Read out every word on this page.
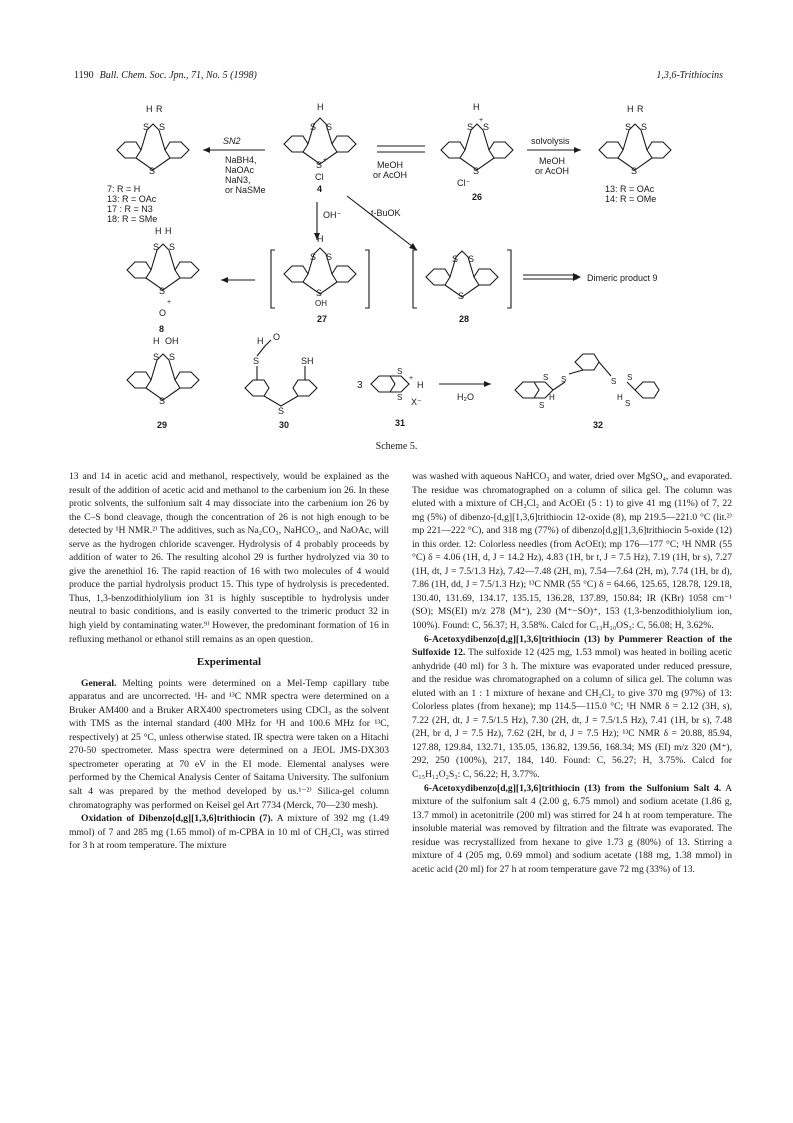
1190 Bull. Chem. Soc. Jpn., 71, No. 5 (1998)	1,3,6-Trithiocins
S S
S
H R
7: R = H
13: R = OAc
17 : R = N3
18: R = SMe
SN2
NaBH4,
NaOAc
NaN3,
or NaSMe
S S
S
H
+
Cl
4
MeOH
or AcOH
S S
S
H
+
Cl⁻
26
solvolysis
MeOH
or AcOH
S S
S
H R
13: R = OAc
14: R = OMe
OH⁻	t-BuOK
S S
S
H H
+
O
8
S S
S
H
OH
27
S S
S
28
Dimeric product 9
S S
S
H OH
29
S	SH
S
H O
30
3
S
S
+
H
X⁻
31
H₂O
S
S
S	S S
S
H	H
32
Scheme 5.

13 and 14 in acetic acid and methanol, respectively, would be explained as the result of the addition of acetic acid and methanol to the carbenium ion 26. In these protic solvents, the sulfonium salt 4 may dissociate into the carbenium ion 26 by the C–S bond cleavage, though the concentration of 26 is not high enough to be detected by ¹H NMR.²⁾ The additives, such as Na₂CO₃, NaHCO₃, and NaOAc, will serve as the hydrogen chloride scavenger. Hydrolysis of 4 probably proceeds by addition of water to 26. The resulting alcohol 29 is further hydrolyzed via 30 to give the arenethiol 16. The rapid reaction of 16 with two molecules of 4 would produce the partial hydrolysis product 15. This type of hydrolysis is precedented. Thus, 1,3-benzodithiolylium ion 31 is highly susceptible to hydrolysis under neutral to basic conditions, and is easily converted to the trimeric product 32 in high yield by contaminating water.⁹⁾ However, the predominant formation of 16 in refluxing methanol or ethanol still remains as an open question.

Experimental

General. Melting points were determined on a Mel-Temp capillary tube apparatus and are uncorrected. ¹H- and ¹³C NMR spectra were determined on a Bruker AM400 and a Bruker ARX400 spectrometers using CDCl₃ as the solvent with TMS as the internal standard (400 MHz for ¹H and 100.6 MHz for ¹³C, respectively) at 25 °C, unless otherwise stated. IR spectra were taken on a Hitachi 270-50 spectrometer. Mass spectra were determined on a JEOL JMS-DX303 spectrometer operating at 70 eV in the EI mode. Elemental analyses were performed by the Chemical Analysis Center of Saitama University. The sulfonium salt 4 was prepared by the method developed by us.¹⁻²⁾ Silica-gel column chromatography was performed on Keisel gel Art 7734 (Merck, 70—230 mesh).

Oxidation of Dibenzo[d,g][1,3,6]trithiocin (7). A mixture of 392 mg (1.49 mmol) of 7 and 285 mg (1.65 mmol) of m-CPBA in 10 ml of CH₂Cl₂ was stirred for 3 h at room temperature. The mixture

was washed with aqueous NaHCO₃ and water, dried over MgSO₄, and evaporated. The residue was chromatographed on a column of silica gel. The column was eluted with a mixture of CH₂Cl₂ and AcOEt (5 : 1) to give 41 mg (11%) of 7, 22 mg (5%) of dibenzo-[d,g][1,3,6]trithiocin 12-oxide (8), mp 219.5—221.0 °C (lit.²⁾ mp 221—222 °C), and 318 mg (77%) of dibenzo[d,g][1,3,6]trithiocin 5-oxide (12) in this order. 12: Colorless needles (from AcOEt); mp 176—177 °C; ¹H NMR (55 °C) δ = 4.06 (1H, d, J = 14.2 Hz), 4.83 (1H, br t, J = 7.5 Hz), 7.19 (1H, br s), 7.27 (1H, dt, J = 7.5/1.3 Hz), 7.42—7.48 (2H, m), 7.54—7.64 (2H, m), 7.74 (1H, br d), 7.86 (1H, dd, J = 7.5/1.3 Hz); ¹³C NMR (55 °C) δ = 64.66, 125.65, 128.78, 129.18, 130.40, 131.69, 134.17, 135.15, 136.28, 137.89, 150.84; IR (KBr) 1058 cm⁻¹ (SO); MS(EI) m/z 278 (M⁺), 230 (M⁺−SO)⁺, 153 (1,3-benzodithiolylium ion, 100%). Found: C, 56.37; H, 3.58%. Calcd for C₁₃H₁₀OS₃: C, 56.08; H, 3.62%.

6-Acetoxydibenzo[d,g][1,3,6]trithiocin (13) by Pummerer Reaction of the Sulfoxide 12. The sulfoxide 12 (425 mg, 1.53 mmol) was heated in boiling acetic anhydride (40 ml) for 3 h. The mixture was evaporated under reduced pressure, and the residue was chromatographed on a column of silica gel. The column was eluted with an 1 : 1 mixture of hexane and CH₂Cl₂ to give 370 mg (97%) of 13: Colorless plates (from hexane); mp 114.5—115.0 °C; ¹H NMR δ = 2.12 (3H, s), 7.22 (2H, dt, J = 7.5/1.5 Hz), 7.30 (2H, dt, J = 7.5/1.5 Hz), 7.41 (1H, br s), 7.48 (2H, br d, J = 7.5 Hz), 7.62 (2H, br d, J = 7.5 Hz); ¹³C NMR δ = 20.88, 85.94, 127.88, 129.84, 132.71, 135.05, 136.82, 139.56, 168.34; MS (EI) m/z 320 (M⁺), 292, 250 (100%), 217, 184, 140. Found: C, 56.27; H, 3.75%. Calcd for C₁₅H₁₂O₂S₃: C, 56.22; H, 3.77%.

6-Acetoxydibenzo[d,g][1,3,6]trithiocin (13) from the Sulfonium Salt 4. A mixture of the sulfonium salt 4 (2.00 g, 6.75 mmol) and sodium acetate (1.86 g, 13.7 mmol) in acetonitrile (200 ml) was stirred for 24 h at room temperature. The insoluble material was removed by filtration and the filtrate was evaporated. The residue was recrystallized from hexane to give 1.73 g (80%) of 13. Stirring a mixture of 4 (205 mg, 0.69 mmol) and sodium acetate (188 mg, 1.38 mmol) in acetic acid (20 ml) for 27 h at room temperature gave 72 mg (33%) of 13.
